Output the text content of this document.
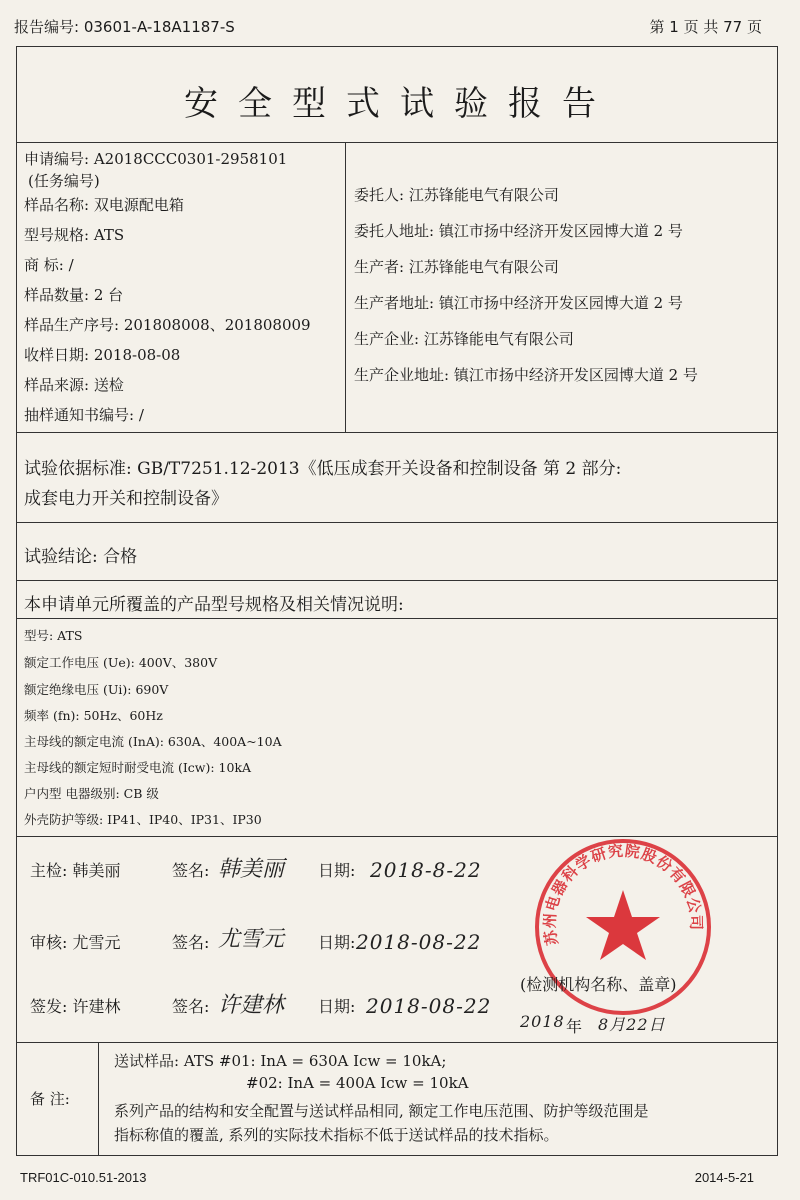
报告编号: 03601-A-18A1187-S	第 1 页 共 77 页
安全型式试验报告
申请编号: A2018CCC0301-2958101
(任务编号)
样品名称: 双电源配电箱
型号规格: ATS
商 标: /
样品数量: 2 台
样品生产序号: 201808008、201808009
收样日期: 2018-08-08
样品来源: 送检
抽样通知书编号: /
委托人: 江苏锋能电气有限公司
委托人地址: 镇江市扬中经济开发区园博大道 2 号
生产者: 江苏锋能电气有限公司
生产者地址: 镇江市扬中经济开发区园博大道 2 号
生产企业: 江苏锋能电气有限公司
生产企业地址: 镇江市扬中经济开发区园博大道 2 号
试验依据标准: GB/T7251.12-2013《低压成套开关设备和控制设备 第 2 部分:
成套电力开关和控制设备》
试验结论: 合格
本申请单元所覆盖的产品型号规格及相关情况说明:
型号: ATS
额定工作电压 (Ue): 400V、380V
额定绝缘电压 (Ui): 690V
频率 (fn): 50Hz、60Hz
主母线的额定电流 (InA): 630A、400A~10A
主母线的额定短时耐受电流 (Icw): 10kA
户内型 电器级别: CB 级
外壳防护等级: IP41、IP40、IP31、IP30
主检: 韩美丽	签名: 韩美丽 日期: 2018-8-22
审核: 尤雪元	签名: 尤雪元 日期: 2018-08-22
签发: 许建林	签名: 许建林 日期: 2018-08-22
苏州电器科学研究院股份有限公司
(检测机构名称、盖章)
2018 年 8月22日
备 注:
送试样品: ATS #01: InA = 630A Icw = 10kA;
#02: InA = 400A Icw = 10kA
系列产品的结构和安全配置与送试样品相同, 额定工作电压范围、防护等级范围是
指标称值的覆盖, 系列的实际技术指标不低于送试样品的技术指标。
TRF01C-010.51-2013	2014-5-21
